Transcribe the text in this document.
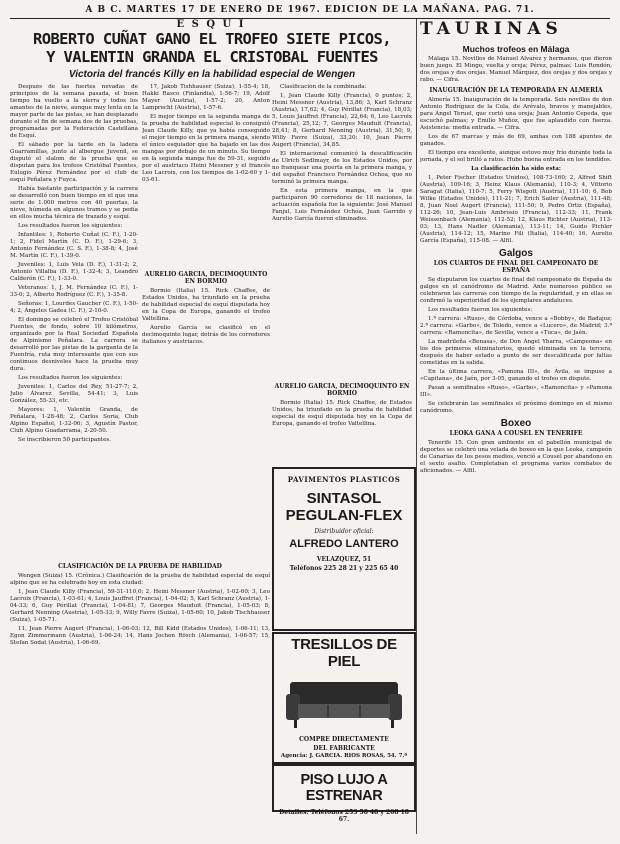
A B C. MARTES 17 DE ENERO DE 1967. EDICION DE LA MAÑANA. PAG. 71.
E S Q U I
ROBERTO CUÑAT GANO EL TROFEO SIETE PICOS,
Y VALENTIN GRANDA EL CRISTOBAL FUENTES
Victoria del francés Killy en la habilidad especial de Wengen

Después de las fuertes nevadas de principios de la semana pasada, el buen tiempo ha vuelto a la sierra y todos los amantes de la nieve, aunque muy lenta en la mayor parte de las pistas, se han desplazado durante el fin de semana dos de las pruebas, programadas por la Federación Castellana de Esquí.

El sábado por la tarde en la ladera Guarramillas, junto al albergue Juvenil, se disputó el slalom de la prueba que se disputan para los trofeos Cristóbal Fuentes, Eulogio Pérez Fernández por el club de esquí Peñalara y Fuyca.

Había bastante participación y la carrera se desarrolló con buen tiempo en el que una serie de 1.000 metros con 40 puertas, la nieve, húmeda en algunos tramos y se pedía en ellos mucha técnica de trazado y esquí.

Los resultados fueron los siguientes:

Infantiles: 1, Roberto Cuñat (C. F.), 1-20-1; 2, Fidel Martín (C. D. F.), 1-29-6; 3, Antonio Fernández (C. S. F.), 1-38-8; 4, José M. Martín (C. F.), 1-39-0.

Juveniles: 1, Luis Vela (D. F.), 1-31-2; 2, Antonio Villalba (D. F.), 1-32-4; 3, Leandro Calderón (C. F.), 1-33-0.

Veteranos: 1, J. M. Fernández (C. F.), 1-33-0; 2, Alberto Rodríguez (C. F.), 1-35-8.

Señoras: 1, Lourdes Gaucher (C. F.), 1-50-4; 2, Ángeles Gadea (C. F.), 2-10-0.

El domingo se celebró el Trofeo Cristóbal Fuentes, de fondo, sobre 10 kilómetros, organizado por la Real Sociedad Española de Alpinismo Peñalara. La carrera se desarrolló por las pistas de la garganta de la Fuenfría, ruta muy interesante que con sus continuos desniveles hace la prueba muy dura.

Los resultados fueron los siguientes:

Juveniles: 1, Carlos del Rey, 51-27-7; 2, Julio Álvarez Sevilla, 54-41; 3, Luis González, 55-33, etc.

Mayores: 1, Valentín Granda, de Peñalara, 1-28-48; 2, Carlos Soria, Club Alpino Español, 1-32-06; 3, Agustín Pastor, Club Alpino Guadarrama, 2-20-50.

Se inscribieron 50 participantes.

17, Jakob Tishhauser (Suiza), 1-55-4; 18, Hakki Rasco (Finlandia), 1-56-7; 19, Adolf Mayer (Austria), 1-57-2; 20, Anton Lamprecht (Austria), 1-57-6.

El mejor tiempo en la segunda manga de la prueba de habilidad especial lo consiguió Jean Claude Killy, que ya había conseguido el mejor tiempo en la primera manga, siendo el único esquiador que ha bajado en las dos mangas por debajo de un minuto. Su tiempo en la segunda manga fue de 59-31, seguido por el austriaco Heini Messner y el francés Leo Lacroix, con los tiempos de 1-02-60 y 1-03-61.

CLASIFICACIÓN DE LA PRUEBA DE HABILIDAD

Wengen (Suiza) 15. (Crónica.) Clasificación de la prueba de habilidad especial de esquí alpino que se ha celebrado hoy en esta ciudad:

1, Jean Claude Killy (Francia), 59-31-110,0; 2, Heini Messner (Austria), 1-02-60; 3, Leo Lacroix (Francia), 1-03-61; 4, Louis Jauffret (Francia), 1-04-02; 5, Karl Schranz (Austria), 1-04-33; 6, Guy Périllat (Francia), 1-04-81; 7, Georges Mauduit (Francia), 1-05-03; 8, Gerhard Nenning (Austria), 1-05-33; 9, Willy Favre (Suiza), 1-05-60; 10, Jakob Tischhauser (Suiza), 1-05-71.

11, Jean Pierre Augert (Francia), 1-06-03; 12, Bill Kidd (Estados Unidos), 1-06-11; 13, Egon Zimmermann (Austria), 1-06-24; 14, Hans Jochen Rösch (Alemania), 1-06-57; 15, Stefan Sodat (Austria), 1-06-69.

Clasificación de la combinada:

1, Jean Claude Killy (Francia), 0 puntos; 2, Heini Messner (Austria), 13,86; 3, Karl Schranz (Austria), 17,62; 4, Guy Périllat (Francia), 18,03; 5, Louis Jauffret (Francia), 22,64; 6, Leo Lacroix (Francia), 25,12; 7, Georges Mauduit (Francia), 28,41; 8, Gerhard Nenning (Austria), 31,50; 9, Willy Favre (Suiza), 33,20; 10, Jean Pierre Augert (Francia), 34,85.

El internacional comunicó la descalificación de Ulrich Sedlmayr, de los Estados Unidos, por no franquear una puerta en la primera manga, y del español Francisco Fernández Ochoa, que no terminó la primera manga.

En esta primera manga, en la que participaron 90 corredores de 18 naciones, la actuación española fue la siguiente: José Manuel Fanjul, Luis Fernández Ochoa, Juan Garrido y Aurelio García fueron eliminados.

AURELIO GARCIA, DECIMOQUINTO EN BORMIO

Bormio (Italia) 15. Rick Chaffee, de Estados Unidos, ha triunfado en la prueba de habilidad especial de esquí disputada hoy en la Copa de Europa, ganando el trofeo Valtellina.

Aurelio García se clasificó en el decimoquinto lugar, detrás de los corredores italianos y austriacos.

AURELIO GARCIA, DECIMOQUINTO EN BORMIO

Bormio (Italia) 15. Rick Chaffee, de Estados Unidos, ha triunfado en la prueba de habilidad especial de esquí disputada hoy en la Copa de Europa, ganando el trofeo Valtellina.

PAVIMENTOS PLASTICOS
SINTASOL
PEGULAN-FLEX
Distribuidor oficial:
ALFREDO LANTERO
VELAZQUEZ, 51
Teléfonos 225 28 21 y 225 65 40
TRESILLOS DE PIEL
COMPRE DIRECTAMENTE
DEL FABRICANTE
Agencia: J. GARCIA. RIOS ROSAS, 54. 7.º
PISO LUJO A ESTRENAR
Detalles: Teléfonos 253 58 48 y 268 18 67.
TAURINAS
Muchos trofeos en Málaga

Málaga 15. Novillos de Manuel Álvarez y hermanos, que dieron buen juego. El Mingo, vuelta y oreja; Pérez, palmas; Luis Rondón, dos orejas y dos orejas. Manuel Márquez, dos orejas y dos orejas y rabo. — Cifra.

INAUGURACIÓN DE LA TEMPORADA EN ALMERÍA

Almería 15. Inauguración de la temporada. Seis novillos de don Antonio Rodríguez de la Cola, de Arévalo, bravos y manejables, para Ángel Teruel, que cortó una oreja; Juan Antonio Cepeda, que escuchó palmas; y Emilio Muñoz, que fue aplaudido con fuerza. Asistencia: media entrada. — Cifra.

Los de 67 marcas y más de 69, ambas con 188 apuntes de ganados.

El tiempo era excelente, aunque estuvo muy frío durante toda la jornada, y el sol brilló a ratos. Hubo buena entrada en los tendidos.

La clasificación ha sido esta:

1, Peter Fischer (Estados Unidos), 108-73-160; 2, Alfred Shift (Austria), 109-16; 3, Heinz Klaus (Alemania), 110-3; 4, Vittorio Saragat (Italia), 110-7; 5, Ferry Wisgott (Austria), 111-10; 6, Bob Wilke (Estados Unidos), 111-21; 7, Erich Sailer (Austria), 111-48; 8, Juan Noel Augert (Francia), 111-50; 9, Pedro Ortiz (España), 112-26; 10, Jean-Luis Ambrosio (Francia), 112-33; 11, Frank Weissenbach (Alemania), 112-52; 12, Klaus Richter (Austria), 113-03; 13, Hans Nadler (Alemania), 113-11; 14, Guido Pichler (Austria), 114-12; 15, Marino Fili (Italia), 114-40; 16, Aurelio García (España), 115-08. — Alfil.

Galgos
LOS CUARTOS DE FINAL DEL CAMPEONATO DE ESPAÑA

Se disputaron los cuartos de final del campeonato de España de galgos en el canódromo de Madrid. Ante numeroso público se celebraron las carreras con tiempo de la regularidad, y en ellas se confirmó la superioridad de los ejemplares andaluces.

Los resultados fueron los siguientes:

1.ª carrera: «Ruso», de Córdoba, vence a «Bobby», de Badajoz; 2.ª carrera: «Garbo», de Toledo, vence a «Lucero», de Madrid; 3.ª carrera: «Ramoncita», de Sevilla, vence a «Tuca», de Jaén.

La madrileña «Benasa», de Don Ángel Ybarra, «Campeona» en los dos primeros eliminatorios, quedó eliminada en la tercera, después de haber estado a punto de ser descalificada por faltas cometidas en la salida.

En la última carrera, «Pamona III», de Ávila, se impuso a «Capitana», de Jaén, por 3-05, ganando el trofeo en dispute.

Pasan a semifinales «Ruso», «Garbo», «Ramoncita» y «Pamona III».

Se celebrarán las semifinales el próximo domingo en el mismo canódromo.

Boxeo
LEOKA GANA A COUSEL EN TENERIFE

Tenerife 15. Con gran ambiente en el pabellón municipal de deportes se celebró una velada de boxeo en la que Leoka, campeón de Canarias de los pesos medios, venció a Cousel por abandono en el sexto asalto. Completaban el programa varios combates de aficionados. — Alfil.
